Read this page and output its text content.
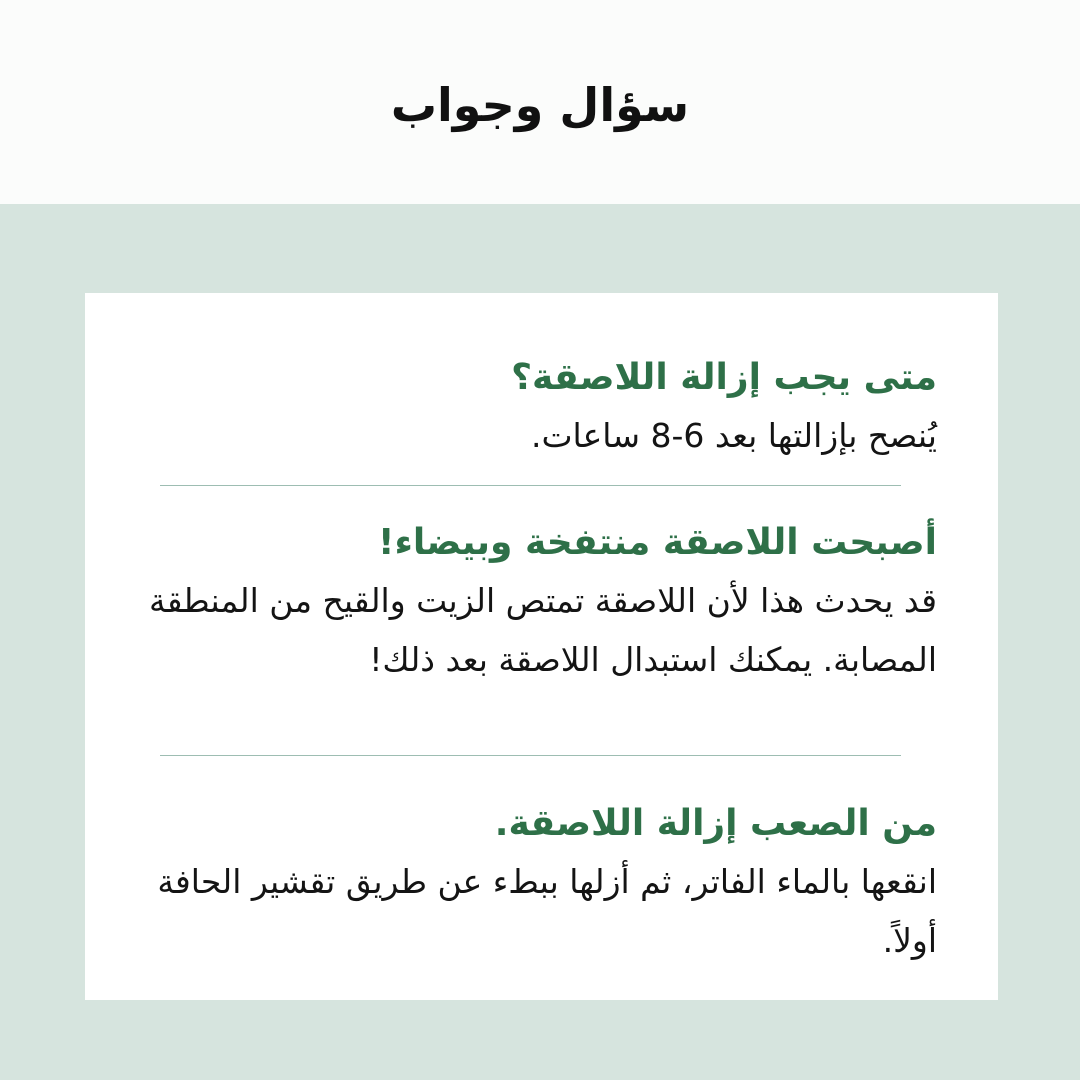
سؤال وجواب
متى يجب إزالة اللاصقة؟
يُنصح بإزالتها بعد 6-8 ساعات.
أصبحت اللاصقة منتفخة وبيضاء!
قد يحدث هذا لأن اللاصقة تمتص الزيت والقيح من المنطقة المصابة. يمكنك استبدال اللاصقة بعد ذلك!
من الصعب إزالة اللاصقة.
انقعها بالماء الفاتر، ثم أزلها ببطء عن طريق تقشير الحافة أولاً.
